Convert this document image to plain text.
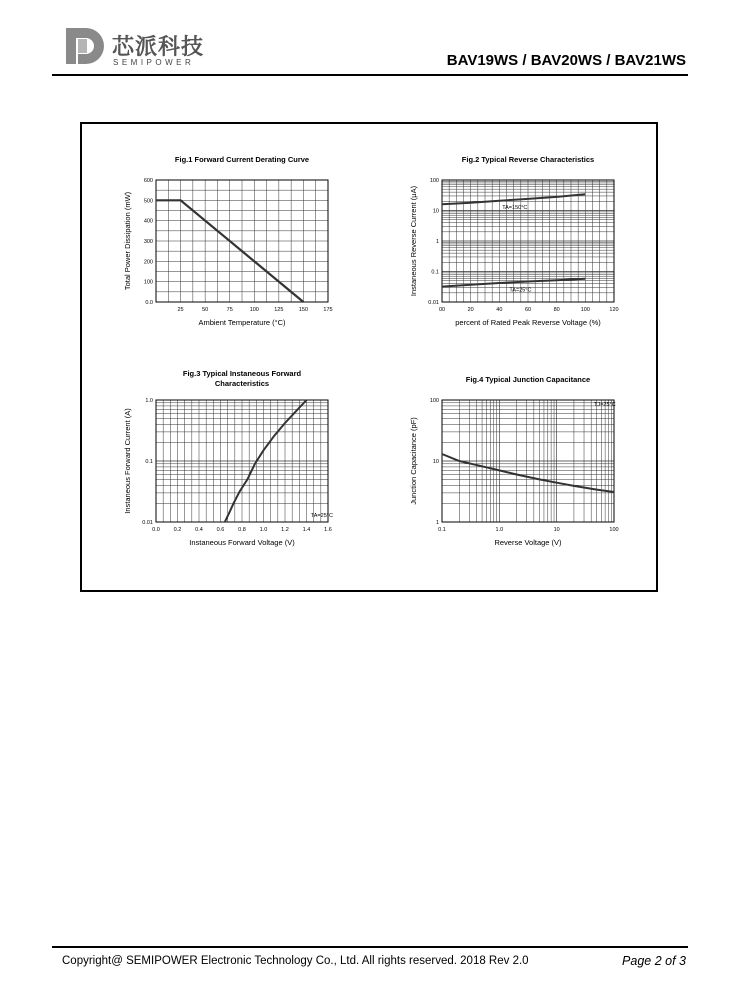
芯派科技
SEMIPOWER	BAV19WS / BAV20WS / BAV21WS
Fig.1 Forward Current Derating Curve
25	50	75	100	125	150	175
0.0
100
200
300
400
500
600
Ambient Temperature (°C)
Total Power Dissipation (mW)
Fig.2 Typical Reverse Characteristics
00	20	40	60	80	100	120
0.01
0.1
1
10
100
percent of Rated Peak Reverse Voltage (%)
Instaneous Reverse Current (μA)	TA=150°C
TA=25°C
Fig.3 Typical Instaneous Forward
Characteristics
0.0	0.2	0.4	0.6	0.8	1.0	1.2	1.4	1.6
0.01
0.1
1.0
Instaneous Forward Voltage (V)
Instaneous Forward Current (A)
TA=25°C
Fig.4 Typical Junction Capacitance
0.1	1.0	10	100
1
10
100
Reverse Voltage (V)
Junction Capacitance (pF)
TJ=25°C
Copyright@ SEMIPOWER Electronic Technology Co., Ltd. All rights reserved. 2018 Rev 2.0	Page 2 of 3
